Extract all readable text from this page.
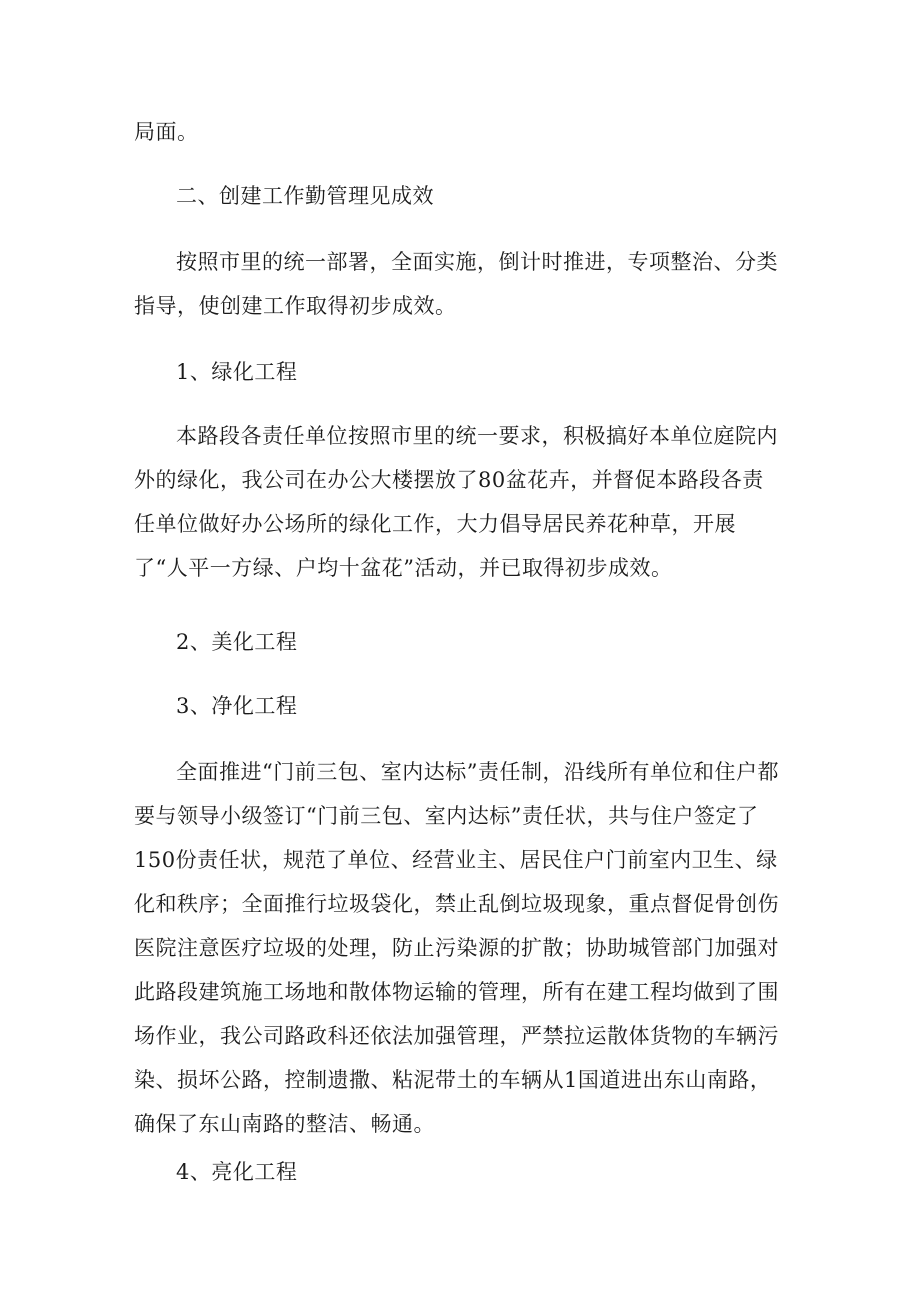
局面。

二、创建工作勤管理见成效

按照市里的统一部署，全面实施，倒计时推进，专项整治、分类指导，使创建工作取得初步成效。

1、绿化工程

本路段各责任单位按照市里的统一要求，积极搞好本单位庭院内外的绿化，我公司在办公大楼摆放了80盆花卉，并督促本路段各责任单位做好办公场所的绿化工作，大力倡导居民养花种草，开展了“人平一方绿、户均十盆花”活动，并已取得初步成效。

2、美化工程

3、净化工程

全面推进“门前三包、室内达标”责任制，沿线所有单位和住户都要与领导小级签订“门前三包、室内达标”责任状，共与住户签定了150份责任状，规范了单位、经营业主、居民住户门前室内卫生、绿化和秩序；全面推行垃圾袋化，禁止乱倒垃圾现象，重点督促骨创伤医院注意医疗垃圾的处理，防止污染源的扩散；协助城管部门加强对此路段建筑施工场地和散体物运输的管理，所有在建工程均做到了围场作业，我公司路政科还依法加强管理，严禁拉运散体货物的车辆污染、损坏公路，控制遗撒、粘泥带土的车辆从1国道进出东山南路，确保了东山南路的整洁、畅通。

4、亮化工程
